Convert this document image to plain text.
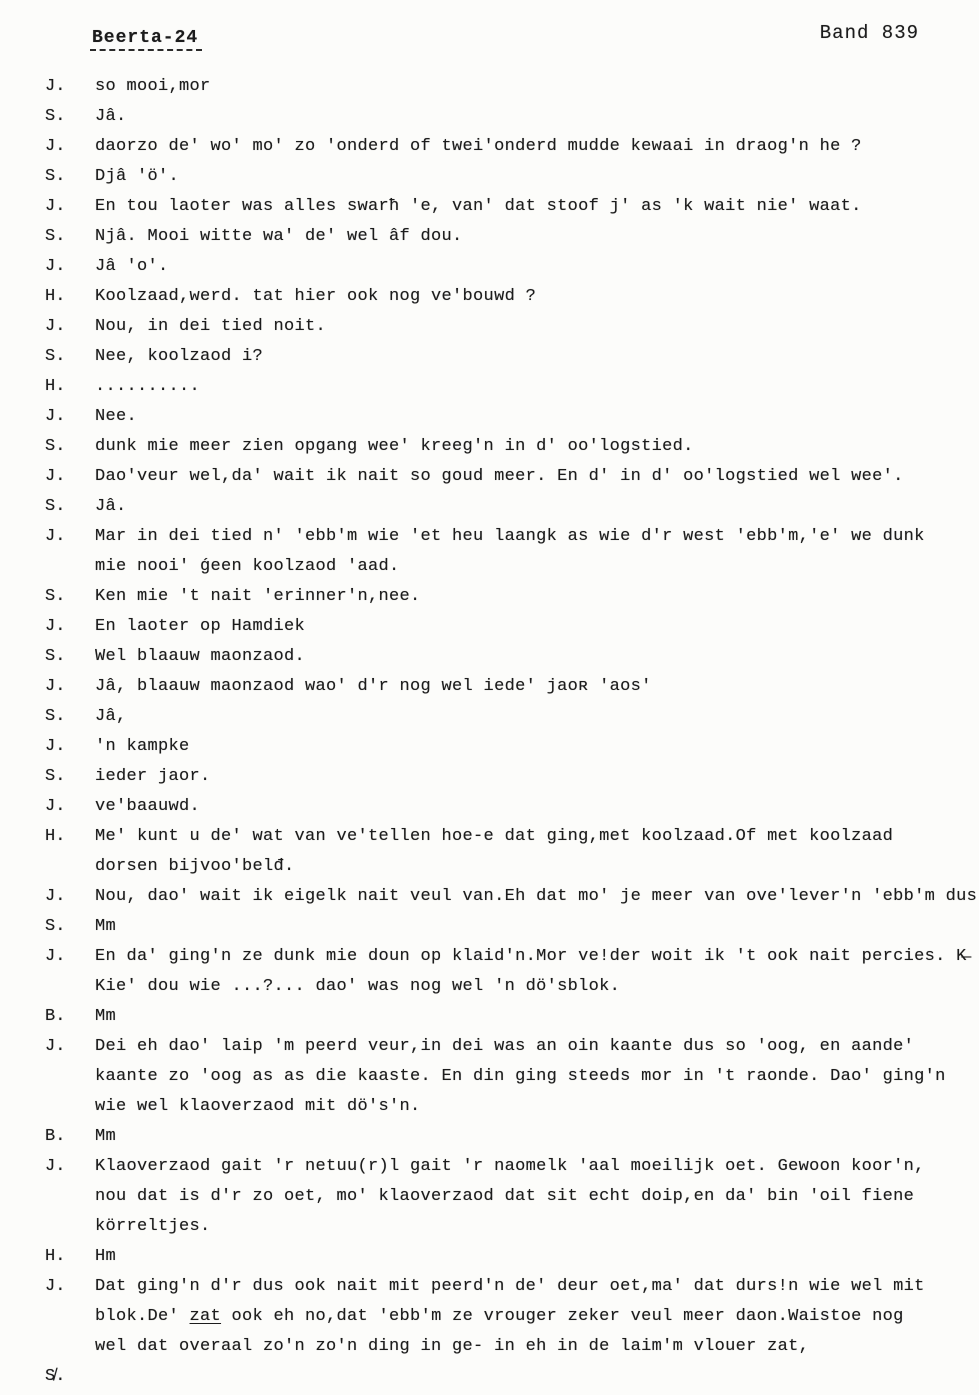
Beerta-24	Band 839
J.	so mooi,mor
S.	Jâ.
J.	daorzo de' wo' mo' zo 'onderd of twei'onderd mudde kewaai in draog'n he ?
S.	Djâ 'ö'.
J.	En tou laoter was alles swarħ 'e, van' dat stoof j' as 'k wait nie' waat.
S.	Njâ. Mooi witte wa' de' wel âf dou.
J.	Jâ 'o'.
H.	Koolzaad,werd. tat hier ook nog ve'bouwd ?
J.	Nou, in dei tied noit.
S.	Nee, koolzaod i?
H.	..........
J.	Nee.
S.	dunk mie meer zien opgang wee' kreeg'n in d' oo'logstied.
J.	Dao'veur wel,da' wait ik nait so goud meer. En d' in d' oo'logstied wel wee'.
S.	Jâ.
J.	Mar in dei tied n' 'ebb'm wie 'et heu laangk as wie d'r west 'ebb'm,'e' we dunk
mie nooi' ǵeen koolzaod 'aad.
S.	Ken mie 't nait 'erinner'n,nee.
J.	En laoter op Hamdiek
S.	Wel blaauw maonzaod.
J.	Jâ, blaauw maonzaod wao' d'r nog wel iede' jaoʀ 'aos'
S.	Jâ,
J.	'n kampke
S.	ieder jaor.
J.	ve'baauwd.
H.	Me' kunt u de' wat van ve'tellen hoe-e dat ging,met koolzaad.Of met koolzaad
dorsen bijvoo'belđ.
J.	Nou, dao' wait ik eigelk nait veul van.Eh dat mo' je meer van ove'lever'n 'ebb'm dus
S.	Mm
J.	En da' ging'n ze dunk mie doun op klaid'n.Mor ve!der woit ik 't ook nait percies. K̶
Kie' dou wie ...?... dao' was nog wel 'n dö'sblok.
B.	Mm
J.	Dei eh dao' laip 'm peerd veur,in dei was an oin kaante dus so 'oog, en aande'
kaante zo 'oog as as die kaaste. En din ging steeds mor in 't raonde. Dao' ging'n
wie wel klaoverzaod mit dö's'n.
B.	Mm
J.	Klaoverzaod gait 'r netuu(r)l gait 'r naomelk 'aal moeilijk oet. Gewoon koor'n,
nou dat is d'r zo oet, mo' klaoverzaod dat sit echt doip,en da' bin 'oil fiene
körreltjes.
H.	Hm
J.	Dat ging'n d'r dus ook nait mit peerd'n de' deur oet,ma' dat durs!n wie wel mit
blok.De' zat ook eh no,dat 'ebb'm ze vrouger zeker veul meer daon.Waistoe nog
wel dat overaal zo'n zo'n ding in ge- in eh in de laim'm vlouer zat,
S̸.
